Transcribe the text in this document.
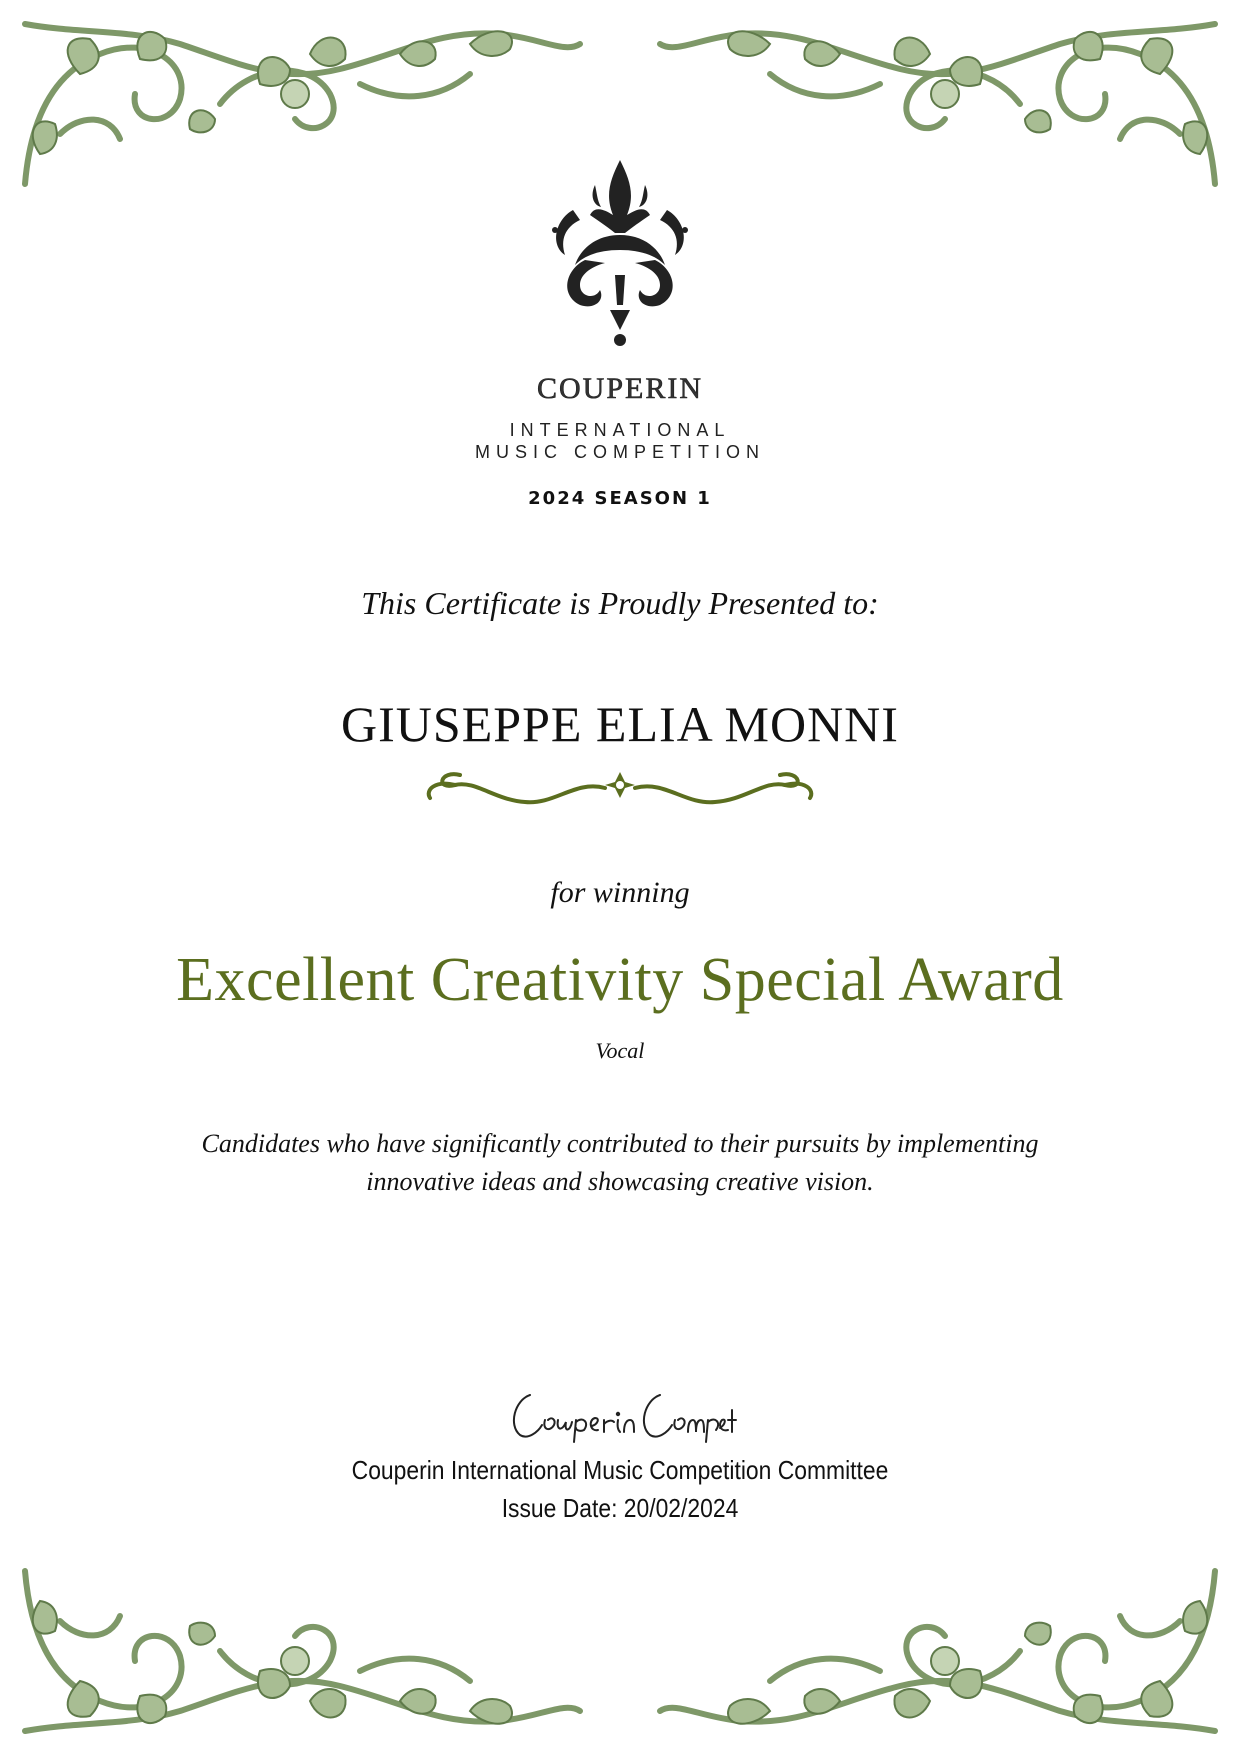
COUPERIN
INTERNATIONAL
MUSIC COMPETITION
2024 SEASON 1
This Certificate is Proudly Presented to:
GIUSEPPE ELIA MONNI
for winning
Excellent Creativity Special Award
Vocal
Candidates who have significantly contributed to their pursuits by implementing
innovative ideas and showcasing creative vision.
Couperin International Music Competition Committee
Issue Date: 20/02/2024
